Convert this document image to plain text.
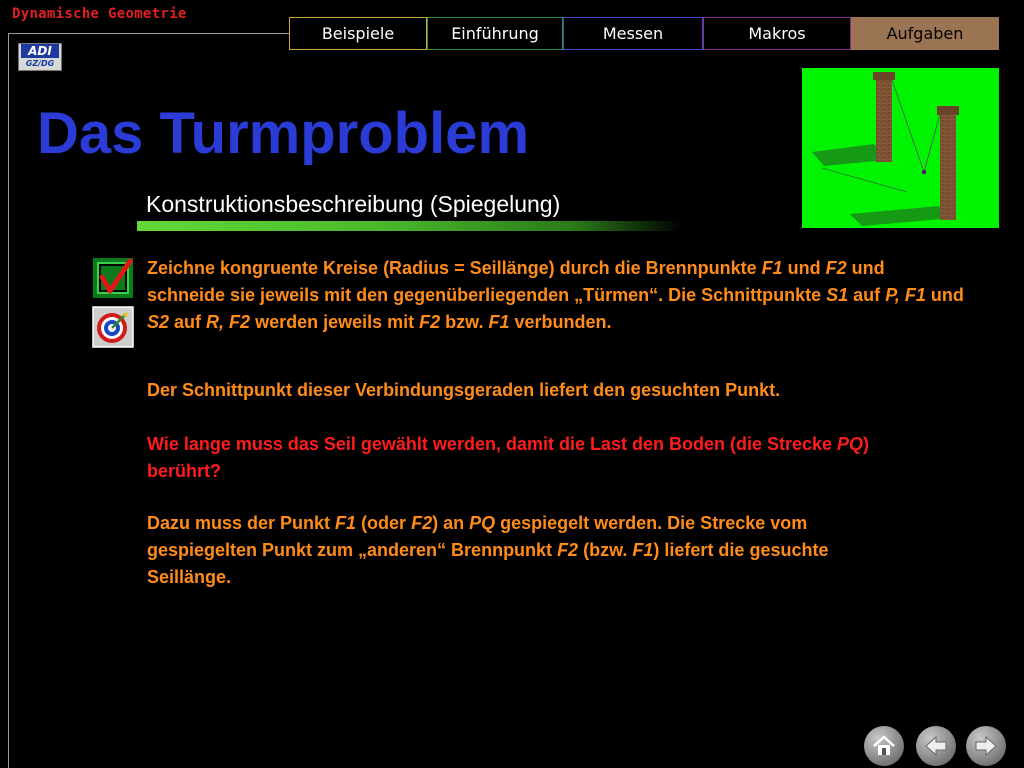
Dynamische Geometrie
ADI
GZ/DG
Beispiele	Einführung	Messen	Makros	Aufgaben
Das Turmproblem
Konstruktionsbeschreibung (Spiegelung)
Zeichne kongruente Kreise (Radius = Seillänge) durch die Brennpunkte F1 und F2 und schneide sie jeweils mit den gegenüberliegenden „Türmen“. Die Schnittpunkte S1 auf P, F1 und S2 auf R, F2 werden jeweils mit F2 bzw. F1 verbunden.
Der Schnittpunkt dieser Verbindungsgeraden liefert den gesuchten Punkt.
Wie lange muss das Seil gewählt werden, damit die Last den Boden (die Strecke PQ) berührt?
Dazu muss der Punkt F1 (oder F2) an PQ gespiegelt werden. Die Strecke vom gespiegelten Punkt zum „anderen“ Brennpunkt F2 (bzw. F1) liefert die gesuchte Seillänge.
